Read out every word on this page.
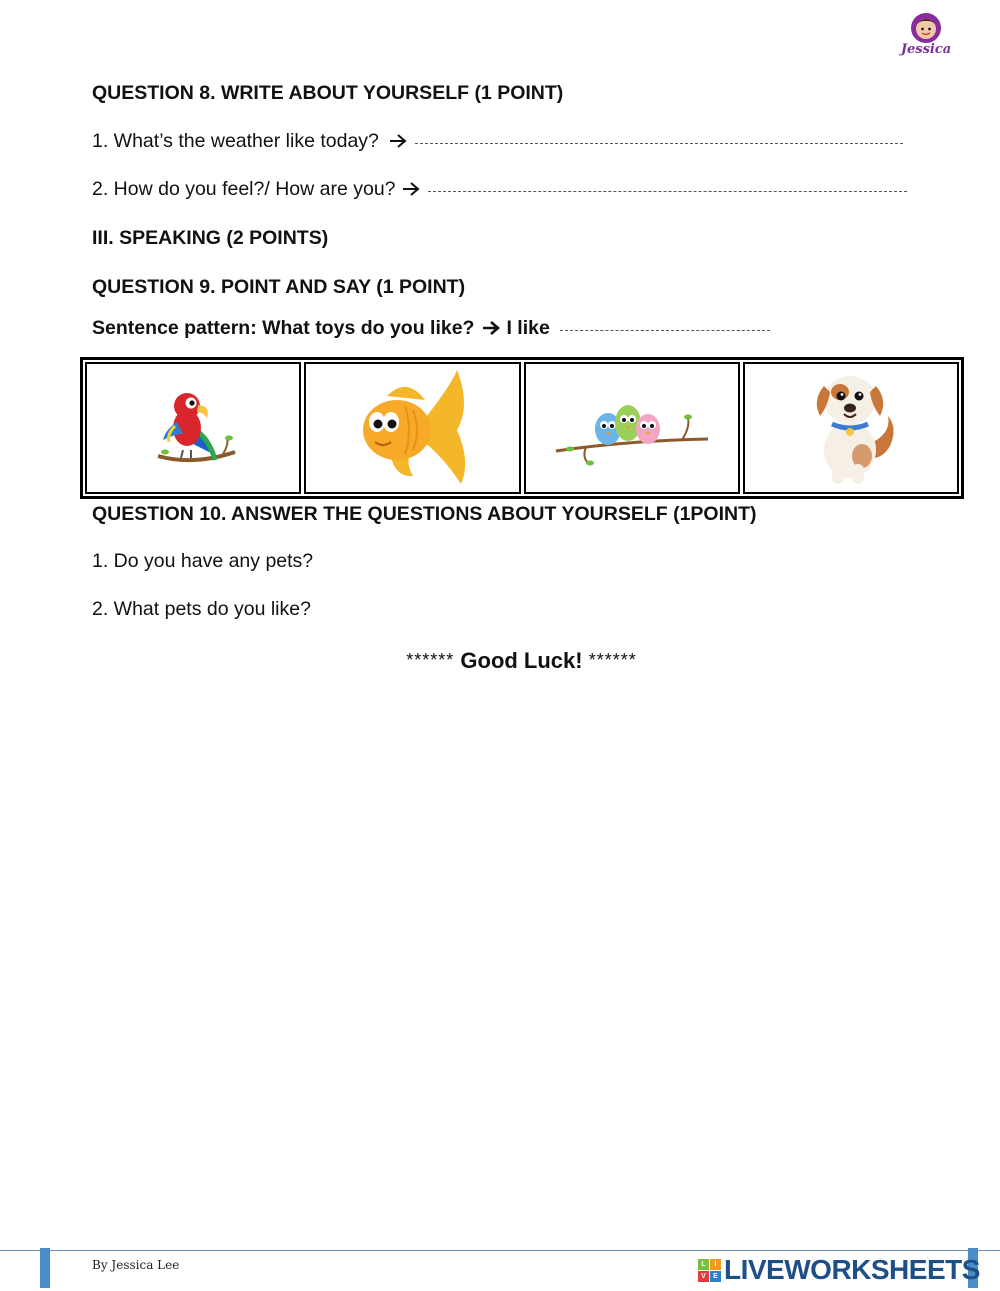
Jessica
QUESTION 8. WRITE ABOUT YOURSELF (1 POINT)
1. What’s the weather like today?
2. How do you feel?/ How are you?
III. SPEAKING (2 POINTS)
QUESTION 9. POINT AND SAY (1 POINT)
Sentence pattern: What toys do you like? I like
QUESTION 10. ANSWER THE QUESTIONS ABOUT YOURSELF (1POINT)
1. Do you have any pets?
2. What pets do you like?
****** Good Luck! ******
By Jessica Lee	L	I
V	E LIVEWORKSHEETS
